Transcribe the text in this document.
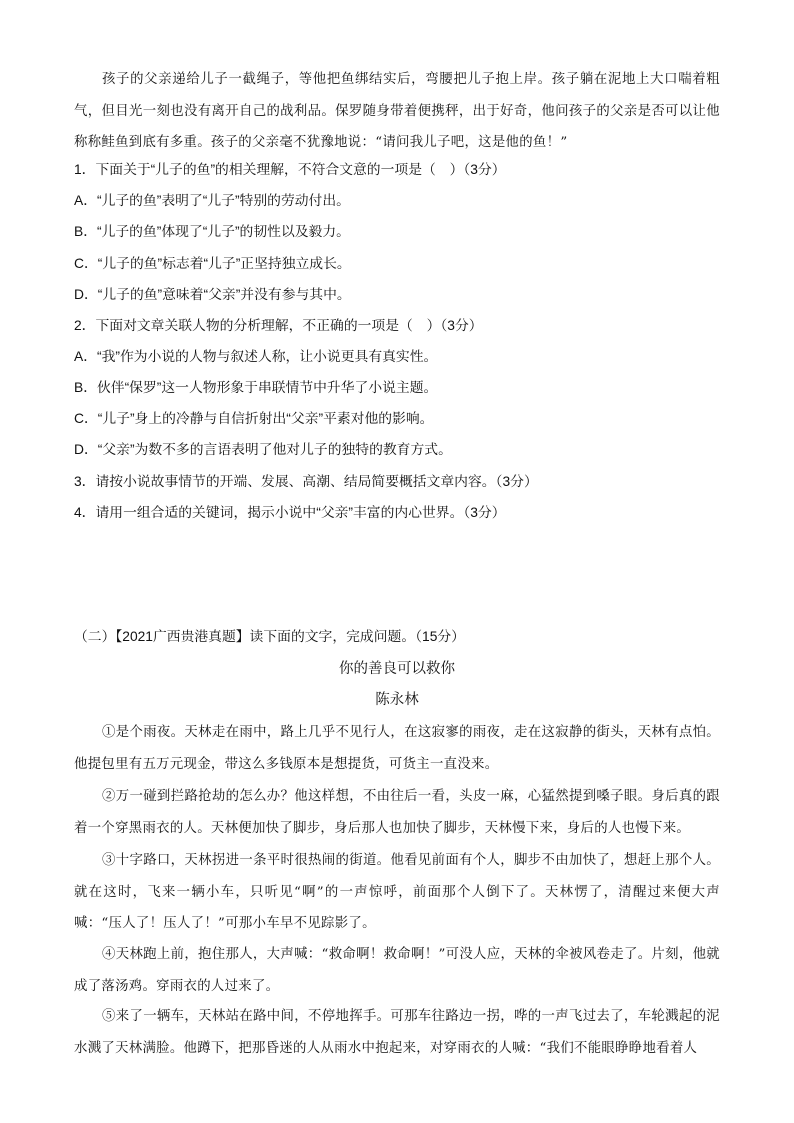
孩子的父亲递给儿子一截绳子，等他把鱼绑结实后，弯腰把儿子抱上岸。孩子躺在泥地上大口喘着粗气，但目光一刻也没有离开自己的战利品。保罗随身带着便携秤，出于好奇，他问孩子的父亲是否可以让他称称鲑鱼到底有多重。孩子的父亲毫不犹豫地说：“请问我儿子吧，这是他的鱼！”

1．下面关于“儿子的鱼”的相关理解，不符合文意的一项是（　）（3分）

A．“儿子的鱼”表明了“儿子”特别的劳动付出。

B．“儿子的鱼”体现了“儿子”的韧性以及毅力。

C．“儿子的鱼”标志着“儿子”正坚持独立成长。

D．“儿子的鱼”意味着“父亲”并没有参与其中。

2．下面对文章关联人物的分析理解，不正确的一项是（　）（3分）

A．“我”作为小说的人物与叙述人称，让小说更具有真实性。

B．伙伴“保罗”这一人物形象于串联情节中升华了小说主题。

C．“儿子”身上的冷静与自信折射出“父亲”平素对他的影响。

D．“父亲”为数不多的言语表明了他对儿子的独特的教育方式。

3．请按小说故事情节的开端、发展、高潮、结局简要概括文章内容。（3分）

4．请用一组合适的关键词，揭示小说中“父亲”丰富的内心世界。（3分）

（二）【2021广西贵港真题】读下面的文字，完成问题。（15分）

你的善良可以救你

陈永林

①是个雨夜。天林走在雨中，路上几乎不见行人，在这寂寥的雨夜，走在这寂静的街头，天林有点怕。他提包里有五万元现金，带这么多钱原本是想提货，可货主一直没来。

②万一碰到拦路抢劫的怎么办？他这样想，不由往后一看，头皮一麻，心猛然提到嗓子眼。身后真的跟着一个穿黑雨衣的人。天林便加快了脚步，身后那人也加快了脚步，天林慢下来，身后的人也慢下来。

③十字路口，天林拐进一条平时很热闹的街道。他看见前面有个人，脚步不由加快了，想赶上那个人。就在这时，飞来一辆小车，只听见“啊”的一声惊呼，前面那个人倒下了。天林愣了，清醒过来便大声喊：“压人了！压人了！”可那小车早不见踪影了。

④天林跑上前，抱住那人，大声喊：“救命啊！救命啊！”可没人应，天林的伞被风卷走了。片刻，他就成了落汤鸡。穿雨衣的人过来了。

⑤来了一辆车，天林站在路中间，不停地挥手。可那车往路边一拐，哗的一声飞过去了，车轮溅起的泥水溅了天林满脸。他蹲下，把那昏迷的人从雨水中抱起来，对穿雨衣的人喊：“我们不能眼睁睁地看着人
